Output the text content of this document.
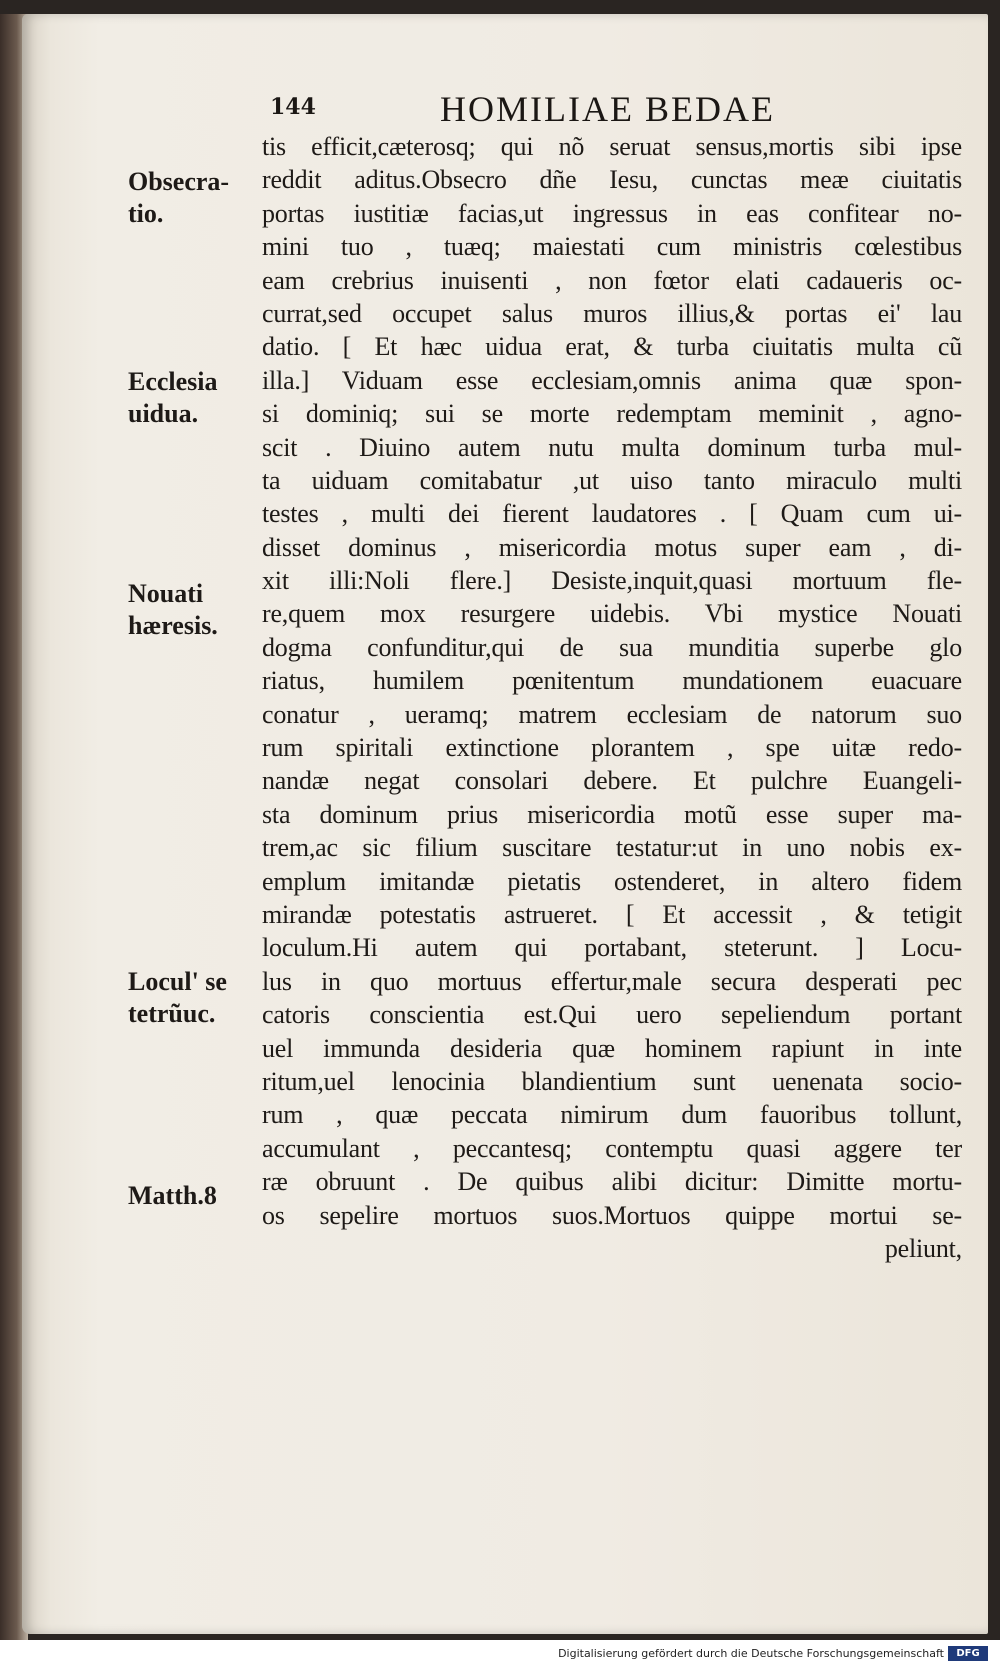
144	HOMILIAE BEDAE
tis efficit,cæterosq; qui nõ seruat sensus,mortis sibi ipse
reddit aditus.Obsecro dñe Iesu, cunctas meæ ciuitatis
portas iustitiæ facias,ut ingressus in eas confitear no-
mini tuo , tuæq; maiestati cum ministris cœlestibus
eam crebrius inuisenti , non fœtor elati cadaueris oc-
currat,sed occupet salus muros illius,& portas ei' lau
datio. [ Et hæc uidua erat, & turba ciuitatis multa cũ
illa.] Viduam esse ecclesiam,omnis anima quæ spon-
si dominiq; sui se morte redemptam meminit , agno-
scit . Diuino autem nutu multa dominum turba mul-
ta uiduam comitabatur ,ut uiso tanto miraculo multi
testes , multi dei fierent laudatores . [ Quam cum ui-
disset dominus , misericordia motus super eam , di-
xit illi:Noli flere.] Desiste,inquit,quasi mortuum fle-
re,quem mox resurgere uidebis. Vbi mystice Nouati
dogma confunditur,qui de sua munditia superbe glo
riatus, humilem pœnitentum mundationem euacuare
conatur , ueramq; matrem ecclesiam de natorum suo
rum spiritali extinctione plorantem , spe uitæ redo-
nandæ negat consolari debere. Et pulchre Euangeli-
sta dominum prius misericordia motũ esse super ma-
trem,ac sic filium suscitare testatur:ut in uno nobis ex-
emplum imitandæ pietatis ostenderet, in altero fidem
mirandæ potestatis astrueret. [ Et accessit , & tetigit
loculum.Hi autem qui portabant, steterunt. ] Locu-
lus in quo mortuus effertur,male secura desperati pec
catoris conscientia est.Qui uero sepeliendum portant
uel immunda desideria quæ hominem rapiunt in inte
ritum,uel lenocinia blandientium sunt uenenata socio-
rum , quæ peccata nimirum dum fauoribus tollunt,
accumulant , peccantesq; contemptu quasi aggere ter
ræ obruunt . De quibus alibi dicitur: Dimitte mortu-
os sepelire mortuos suos.Mortuos quippe mortui se-
peliunt,
Obsecra- tio.
Ecclesia uidua.
Nouati hæresis.
Locul' se tetrũuc.
Matth.8
Digitalisierung gefördert durch die Deutsche Forschungsgemeinschaft	DFG
